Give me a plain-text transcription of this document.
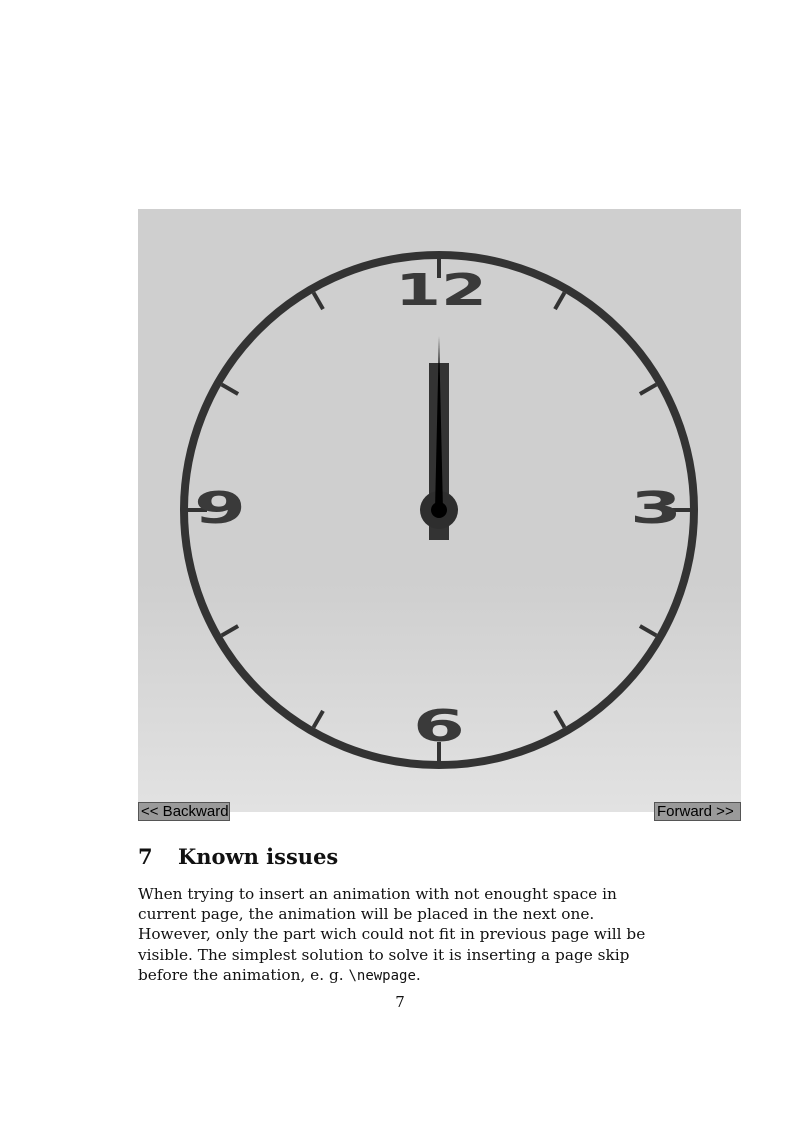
12
3
6
9
<< Backward	Forward >>
7 Known issues

When trying to insert an animation with not enought space in current page, the animation will be placed in the next one. However, only the part wich could not fit in previous page will be visible. The simplest solution to solve it is inserting a page skip before the animation, e. g. \newpage.

7
